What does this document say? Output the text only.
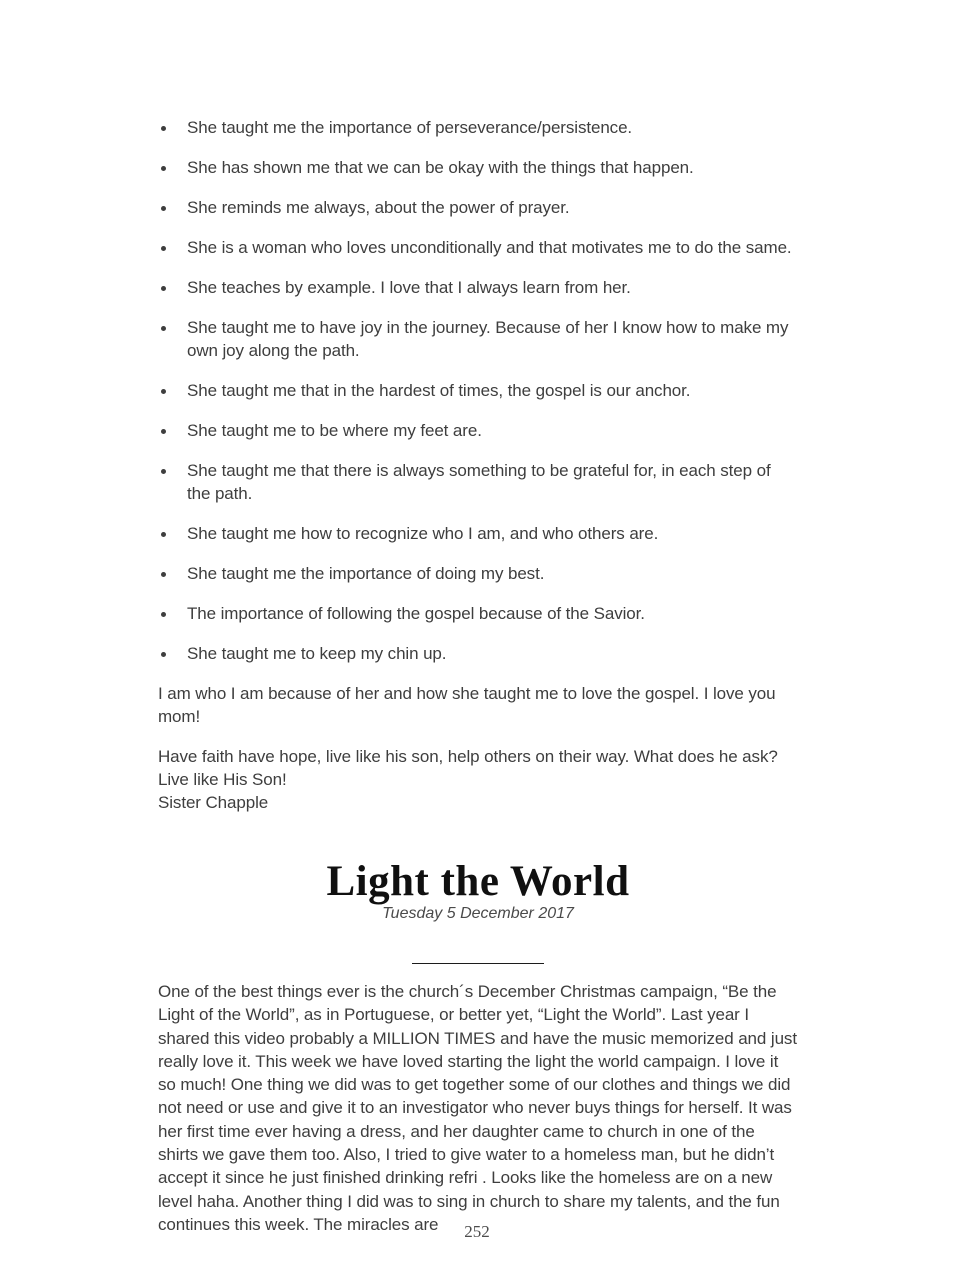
She taught me the importance of perseverance/persistence.
She has shown me that we can be okay with the things that happen.
She reminds me always, about the power of prayer.
She is a woman who loves unconditionally and that motivates me to do the same.
She teaches by example. I love that I always learn from her.
She taught me to have joy in the journey. Because of her I know how to make my own joy along the path.
She taught me that in the hardest of times, the gospel is our anchor.
She taught me to be where my feet are.
She taught me that there is always something to be grateful for, in each step of the path.
She taught me how to recognize who I am, and who others are.
She taught me the importance of doing my best.
The importance of following the gospel because of the Savior.
She taught me to keep my chin up.

I am who I am because of her and how she taught me to love the gospel. I love you mom!

Have faith have hope, live like his son, help others on their way. What does he ask? Live like His Son!
Sister Chapple

Light the World
Tuesday 5 December 2017

One of the best things ever is the church´s December Christmas campaign, “Be the Light of the World”, as in Portuguese, or better yet, “Light the World”. Last year I shared this video probably a MILLION TIMES and have the music memorized and just really love it. This week we have loved starting the light the world campaign. I love it so much! One thing we did was to get together some of our clothes and things we did not need or use and give it to an investigator who never buys things for herself. It was her first time ever having a dress, and her daughter came to church in one of the shirts we gave them too. Also, I tried to give water to a homeless man, but he didn’t accept it since he just finished drinking refri . Looks like the homeless are on a new level haha. Another thing I did was to sing in church to share my talents, and the fun continues this week. The miracles are	252
